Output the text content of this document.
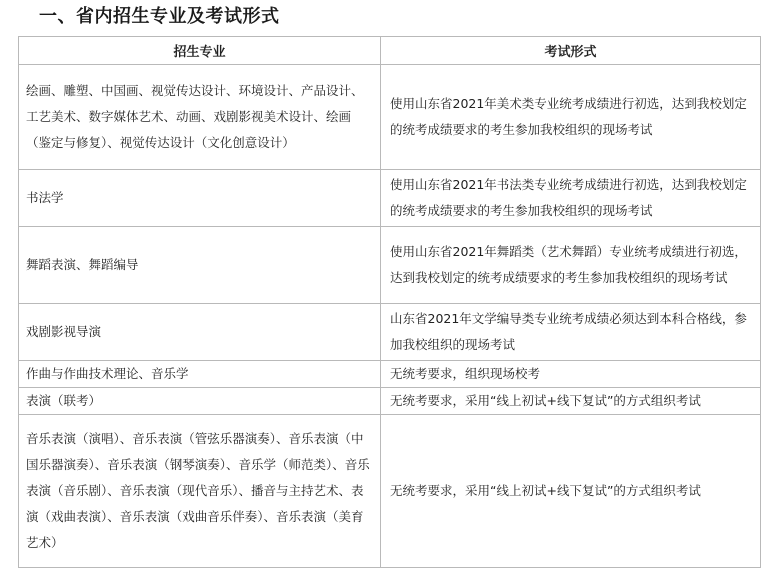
一、省内招生专业及考试形式
招生专业	考试形式
绘画、雕塑、中国画、视觉传达设计、环境设计、产品设计、工艺美术、数字媒体艺术、动画、戏剧影视美术设计、绘画（鉴定与修复）、视觉传达设计（文化创意设计）	使用山东省2021年美术类专业统考成绩进行初选，达到我校划定的统考成绩要求的考生参加我校组织的现场考试
书法学	使用山东省2021年书法类专业统考成绩进行初选，达到我校划定的统考成绩要求的考生参加我校组织的现场考试
舞蹈表演、舞蹈编导	使用山东省2021年舞蹈类（艺术舞蹈）专业统考成绩进行初选，达到我校划定的统考成绩要求的考生参加我校组织的现场考试
戏剧影视导演	山东省2021年文学编导类专业统考成绩必须达到本科合格线，参加我校组织的现场考试
作曲与作曲技术理论、音乐学	无统考要求，组织现场校考
表演（联考）	无统考要求，采用“线上初试+线下复试”的方式组织考试
音乐表演（演唱）、音乐表演（管弦乐器演奏）、音乐表演（中国乐器演奏）、音乐表演（钢琴演奏）、音乐学（师范类）、音乐表演（音乐剧）、音乐表演（现代音乐）、播音与主持艺术、表演（戏曲表演）、音乐表演（戏曲音乐伴奏）、音乐表演（美育艺术）	无统考要求，采用“线上初试+线下复试”的方式组织考试
